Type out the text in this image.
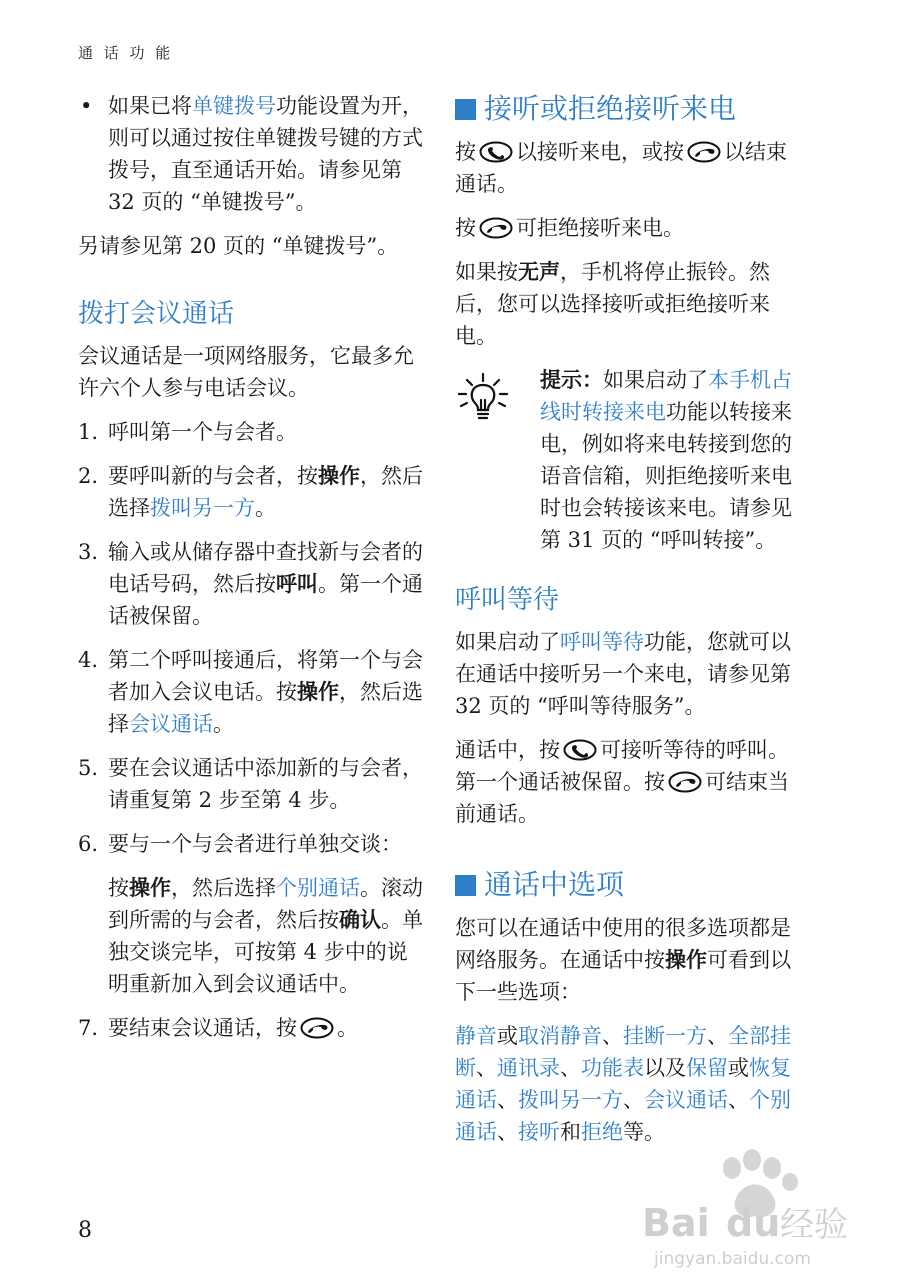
通 话 功 能
• 如果已将单键拨号功能设置为开，则可以通过按住单键拨号键的方式拨号，直至通话开始。请参见第 32 页的 “单键拨号”。

另请参见第 20 页的 “单键拨号”。

拨打会议通话

会议通话是一项网络服务，它最多允许六个人参与电话会议。

1. 呼叫第一个与会者。
2. 要呼叫新的与会者，按操作，然后选择拨叫另一方。
3. 输入或从储存器中查找新与会者的电话号码，然后按呼叫。第一个通话被保留。
4. 第二个呼叫接通后，将第一个与会者加入会议电话。按操作，然后选择会议通话。
5. 要在会议通话中添加新的与会者，请重复第 2 步至第 4 步。
6. 要与一个与会者进行单独交谈：

按操作，然后选择个别通话。滚动到所需的与会者，然后按确认。单独交谈完毕，可按第 4 步中的说明重新加入到会议通话中。

7. 要结束会议通话，按 。
接听或拒绝接听来电

按 以接听来电，或按 以结束通话。

按 可拒绝接听来电。

如果按无声，手机将停止振铃。然后，您可以选择接听或拒绝接听来电。

提示：如果启动了本手机占线时转接来电功能以转接来电，例如将来电转接到您的语音信箱，则拒绝接听来电时也会转接该来电。请参见第 31 页的 “呼叫转接”。

呼叫等待

如果启动了呼叫等待功能，您就可以在通话中接听另一个来电，请参见第 32 页的 “呼叫等待服务”。

通话中，按 可接听等待的呼叫。第一个通话被保留。按 可结束当前通话。

通话中选项

您可以在通话中使用的很多选项都是网络服务。在通话中按操作可看到以下一些选项：

静音或取消静音、挂断一方、全部挂断、通讯录、功能表以及保留或恢复通话、拨叫另一方、会议通话、个别通话、接听和拒绝等。

8	Bai du 经验
jingyan.baidu.com
